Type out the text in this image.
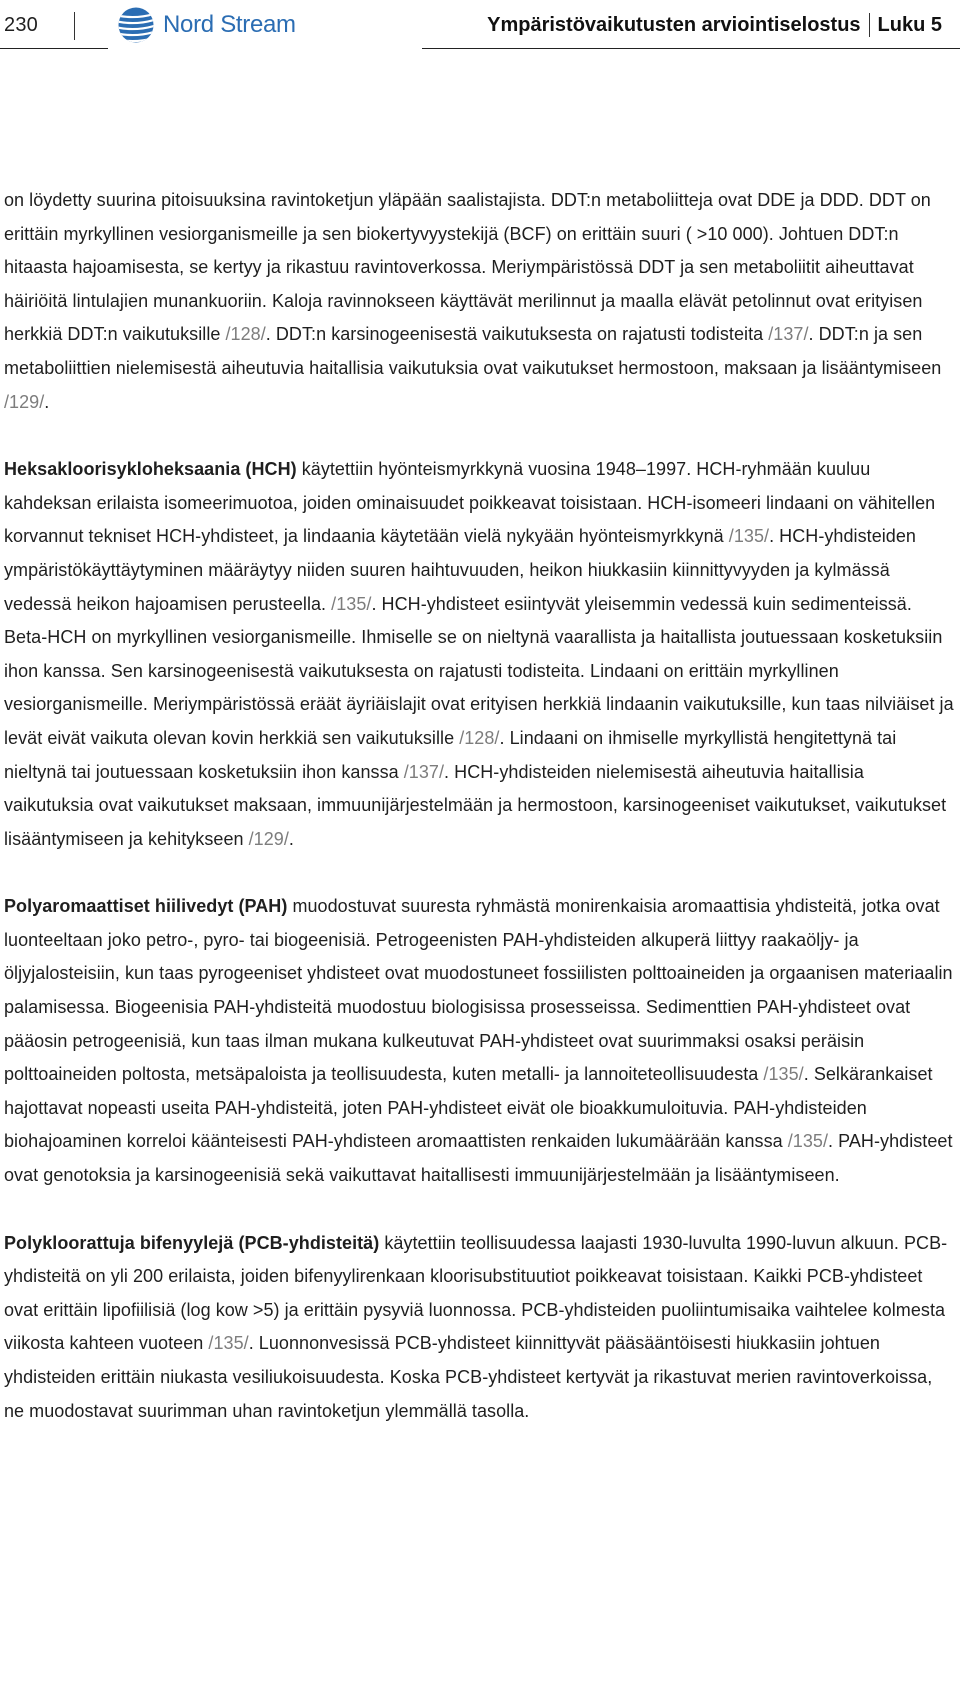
230	Nord Stream	Ympäristövaikutusten arviointiselostus Luku 5

on löydetty suurina pitoisuuksina ravintoketjun yläpään saalistajista. DDT:n metaboliitteja ovat DDE ja DDD. DDT on erittäin myrkyllinen vesiorganismeille ja sen biokertyvyystekijä (BCF) on erittäin suuri ( >10 000). Johtuen DDT:n hitaasta hajoamisesta, se kertyy ja rikastuu ravintoverkossa. Meriympäristössä DDT ja sen metaboliitit aiheuttavat häiriöitä lintulajien munankuoriin. Kaloja ravinnokseen käyttävät merilinnut ja maalla elävät petolinnut ovat erityisen herkkiä DDT:n vaikutuksille /128/. DDT:n karsinogeenisestä vaikutuksesta on rajatusti todisteita /137/. DDT:n ja sen metaboliittien nielemisestä aiheutuvia haitallisia vaikutuksia ovat vaikutukset hermostoon, maksaan ja lisääntymiseen /129/.

Heksakloorisykloheksaania (HCH) käytettiin hyönteismyrkkynä vuosina 1948–1997. HCH-ryhmään kuuluu kahdeksan erilaista isomeerimuotoa, joiden ominaisuudet poikkeavat toisistaan. HCH-isomeeri lindaani on vähitellen korvannut tekniset HCH-yhdisteet, ja lindaania käytetään vielä nykyään hyönteismyrkkynä /135/. HCH-yhdisteiden ympäristökäyttäytyminen määräytyy niiden suuren haihtuvuuden, heikon hiukkasiin kiinnittyvyyden ja kylmässä vedessä heikon hajoamisen perusteella. /135/. HCH-yhdisteet esiintyvät yleisemmin vedessä kuin sedimenteissä. Beta-HCH on myrkyllinen vesiorganismeille. Ihmiselle se on nieltynä vaarallista ja haitallista joutuessaan kosketuksiin ihon kanssa. Sen karsinogeenisestä vaikutuksesta on rajatusti todisteita. Lindaani on erittäin myrkyllinen vesiorganismeille. Meriympäristössä eräät äyriäislajit ovat erityisen herkkiä lindaanin vaikutuksille, kun taas nilviäiset ja levät eivät vaikuta olevan kovin herkkiä sen vaikutuksille /128/. Lindaani on ihmiselle myrkyllistä hengitettynä tai nieltynä tai joutuessaan kosketuksiin ihon kanssa /137/. HCH-yhdisteiden nielemisestä aiheutuvia haitallisia vaikutuksia ovat vaikutukset maksaan, immuunijärjestelmään ja hermostoon, karsinogeeniset vaikutukset, vaikutukset lisääntymiseen ja kehitykseen /129/.

Polyaromaattiset hiilivedyt (PAH) muodostuvat suuresta ryhmästä monirenkaisia aromaattisia yhdisteitä, jotka ovat luonteeltaan joko petro-, pyro- tai biogeenisiä. Petrogeenisten PAH-yhdisteiden alkuperä liittyy raakaöljy- ja öljyjalosteisiin, kun taas pyrogeeniset yhdisteet ovat muodostuneet fossiilisten polttoaineiden ja orgaanisen materiaalin palamisessa. Biogeenisia PAH-yhdisteitä muodostuu biologisissa prosesseissa. Sedimenttien PAH-yhdisteet ovat pääosin petrogeenisiä, kun taas ilman mukana kulkeutuvat PAH-yhdisteet ovat suurimmaksi osaksi peräisin polttoaineiden poltosta, metsäpaloista ja teollisuudesta, kuten metalli- ja lannoiteteollisuudesta /135/. Selkärankaiset hajottavat nopeasti useita PAH-yhdisteitä, joten PAH-yhdisteet eivät ole bioakkumuloituvia. PAH-yhdisteiden biohajoaminen korreloi käänteisesti PAH-yhdisteen aromaattisten renkaiden lukumäärään kanssa /135/. PAH-yhdisteet ovat genotoksia ja karsinogeenisiä sekä vaikuttavat haitallisesti immuunijärjestelmään ja lisääntymiseen.

Polykloorattuja bifenyylejä (PCB-yhdisteitä) käytettiin teollisuudessa laajasti 1930-luvulta 1990-luvun alkuun. PCB-yhdisteitä on yli 200 erilaista, joiden bifenyylirenkaan kloorisubstituutiot poikkeavat toisistaan. Kaikki PCB-yhdisteet ovat erittäin lipofiilisiä (log kow >5) ja erittäin pysyviä luonnossa. PCB-yhdisteiden puoliintumisaika vaihtelee kolmesta viikosta kahteen vuoteen /135/. Luonnonvesissä PCB-yhdisteet kiinnittyvät pääsääntöisesti hiukkasiin johtuen yhdisteiden erittäin niukasta vesiliukoisuudesta. Koska PCB-yhdisteet kertyvät ja rikastuvat merien ravintoverkoissa, ne muodostavat suurimman uhan ravintoketjun ylemmällä tasolla.
